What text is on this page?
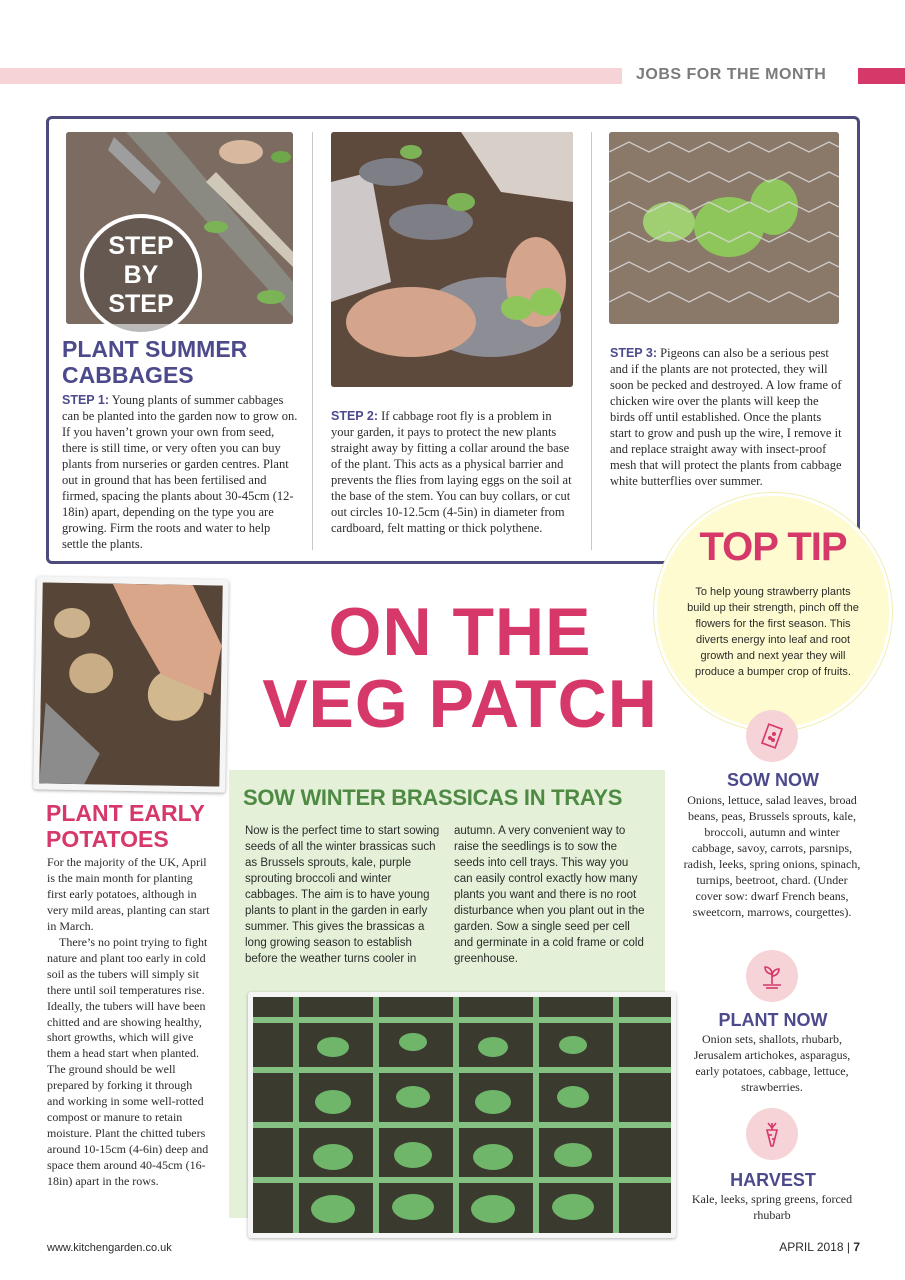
JOBS FOR THE MONTH
STEP BY STEP
PLANT SUMMER CABBAGES
STEP 1: Young plants of summer cabbages can be planted into the garden now to grow on. If you haven’t grown your own from seed, there is still time, or very often you can buy plants from nurseries or garden centres. Plant out in ground that has been fertilised and firmed, spacing the plants about 30-45cm (12-18in) apart, depending on the type you are growing. Firm the roots and water to help settle the plants.
STEP 2: If cabbage root fly is a problem in your garden, it pays to protect the new plants straight away by fitting a collar around the base of the plant. This acts as a physical barrier and prevents the flies from laying eggs on the soil at the base of the stem. You can buy collars, or cut out circles 10-12.5cm (4-5in) in diameter from cardboard, felt matting or thick polythene.
STEP 3: Pigeons can also be a serious pest and if the plants are not protected, they will soon be pecked and destroyed. A low frame of chicken wire over the plants will keep the birds off until established. Once the plants start to grow and push up the wire, I remove it and replace straight away with insect-proof mesh that will protect the plants from cabbage white butterflies over summer.
TOP TIP
To help young strawberry plants build up their strength, pinch off the flowers for the first season. This diverts energy into leaf and root growth and next year they will produce a bumper crop of fruits.
ON THE
VEG PATCH
PLANT EARLY POTATOES
For the majority of the UK, April is the main month for planting first early potatoes, although in very mild areas, planting can start in March.
There’s no point trying to fight nature and plant too early in cold soil as the tubers will simply sit there until soil temperatures rise. Ideally, the tubers will have been chitted and are showing healthy, short growths, which will give them a head start when planted. The ground should be well prepared by forking it through and working in some well-rotted compost or manure to retain moisture. Plant the chitted tubers around 10-15cm (4-6in) deep and space them around 40-45cm (16-18in) apart in the rows.
SOW WINTER BRASSICAS IN TRAYS
Now is the perfect time to start sowing seeds of all the winter brassicas such as Brussels sprouts, kale, purple sprouting broccoli and winter cabbages. The aim is to have young plants to plant in the garden in early summer. This gives the brassicas a long growing season to establish before the weather turns cooler in
autumn. A very convenient way to raise the seedlings is to sow the seeds into cell trays. This way you can easily control exactly how many plants you want and there is no root disturbance when you plant out in the garden. Sow a single seed per cell and germinate in a cold frame or cold greenhouse.
SOW NOW
Onions, lettuce, salad leaves, broad beans, peas, Brussels sprouts, kale, broccoli, autumn and winter cabbage, savoy, carrots, parsnips, radish, leeks, spring onions, spinach, turnips, beetroot, chard. (Under cover sow: dwarf French beans, sweetcorn, marrows, courgettes).
PLANT NOW
Onion sets, shallots, rhubarb, Jerusalem artichokes, asparagus, early potatoes, cabbage, lettuce, strawberries.
HARVEST
Kale, leeks, spring greens, forced rhubarb
www.kitchengarden.co.uk	APRIL 2018 | 7
